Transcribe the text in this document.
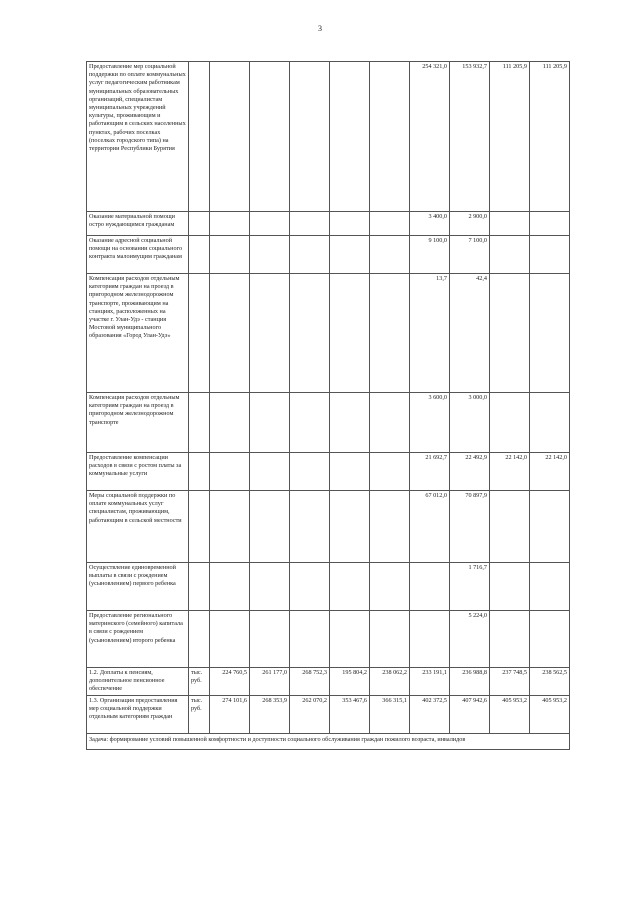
3
Предоставление мер социальной поддержки по оплате коммунальных услуг педагогическим работникам муниципальных образовательных организаций, специалистам муниципальных учреждений культуры, проживающим и работающим в сельских населенных пунктах, рабочих поселках (поселках городского типа) на территории Республики Бурятия							254 321,0	153 932,7	111 205,9	111 205,9
Оказание материальной помощи остро нуждающимся гражданам							3 400,0	2 900,0		
Оказание адресной социальной помощи на основании социального контракта малоимущим гражданам							9 100,0	7 100,0		
Компенсация расходов отдельным категориям граждан на проезд в пригородном железнодорожном транспорте, проживающим на станциях, расположенных на участке г. Улан-Удэ - станция Мостовой муниципального образования «Город Улан-Удэ»							13,7	42,4		
Компенсация расходов отдельным категориям граждан на проезд в пригородном железнодорожном транспорте							3 600,0	3 000,0		
Предоставление компенсации расходов в связи с ростом платы за коммунальные услуги							21 692,7	22 492,9	22 142,0	22 142,0
Меры социальной поддержки по оплате коммунальных услуг специалистам, проживающим, работающим в сельской местности							67 012,0	70 897,9		
Осуществление единовременной выплаты в связи с рождением (усыновлением) первого ребенка								1 716,7		
Предоставление регионального материнского (семейного) капитала в связи с рождением (усыновлением) второго ребенка								5 224,0		
1.2. Доплаты к пенсиям, дополнительное пенсионное обеспечение	тыс. руб.	224 760,5	261 177,0	268 752,3	195 804,2	238 062,2	233 191,1	236 988,8	237 748,5	238 562,5
1.3. Организация предоставления мер социальной поддержки отдельным категориям граждан	тыс. руб.	274 101,6	268 353,9	262 070,2	353 467,6	366 315,1	402 372,5	407 942,6	405 953,2	405 953,2
Задача: формирование условий повышенной комфортности и доступности социального обслуживания граждан пожилого возраста, инвалидов										
